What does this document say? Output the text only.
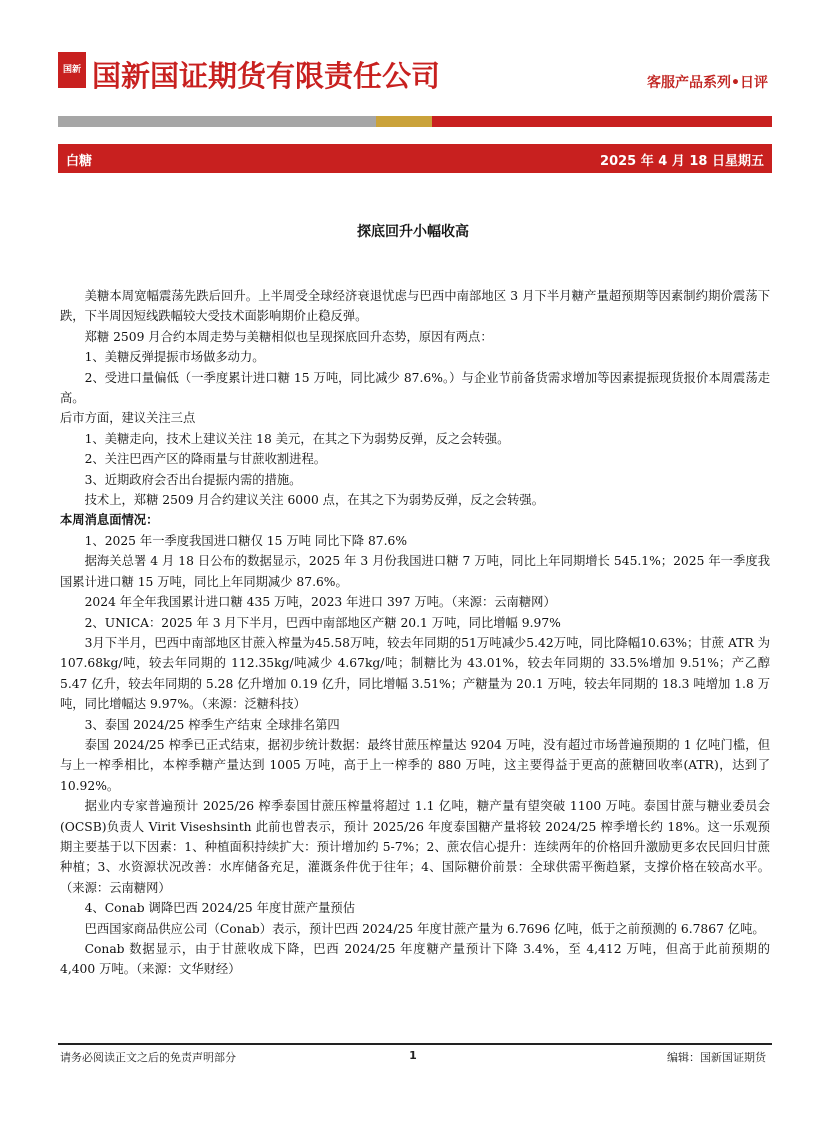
国新 国新国证期货有限责任公司	客服产品系列•日评
白糖	2025 年 4 月 18 日星期五
探底回升小幅收高

美糖本周宽幅震荡先跌后回升。上半周受全球经济衰退忧虑与巴西中南部地区 3 月下半月糖产量超预期等因素制约期价震荡下跌，下半周因短线跌幅较大受技术面影响期价止稳反弹。

郑糖 2509 月合约本周走势与美糖相似也呈现探底回升态势，原因有两点：

1、美糖反弹提振市场做多动力。

2、受进口量偏低（一季度累计进口糖 15 万吨，同比减少 87.6%。）与企业节前备货需求增加等因素提振现货报价本周震荡走高。

后市方面，建议关注三点

1、美糖走向，技术上建议关注 18 美元，在其之下为弱势反弹，反之会转强。

2、关注巴西产区的降雨量与甘蔗收割进程。

3、近期政府会否出台提振内需的措施。

技术上，郑糖 2509 月合约建议关注 6000 点，在其之下为弱势反弹，反之会转强。

本周消息面情况：

1、2025 年一季度我国进口糖仅 15 万吨 同比下降 87.6%

据海关总署 4 月 18 日公布的数据显示，2025 年 3 月份我国进口糖 7 万吨，同比上年同期增长 545.1%；2025 年一季度我国累计进口糖 15 万吨，同比上年同期减少 87.6%。

2024 年全年我国累计进口糖 435 万吨，2023 年进口 397 万吨。（来源：云南糖网）

2、UNICA：2025 年 3 月下半月，巴西中南部地区产糖 20.1 万吨，同比增幅 9.97%

3月下半月，巴西中南部地区甘蔗入榨量为45.58万吨，较去年同期的51万吨减少5.42万吨，同比降幅10.63%；甘蔗 ATR 为 107.68kg/吨，较去年同期的 112.35kg/吨减少 4.67kg/吨；制糖比为 43.01%，较去年同期的 33.5%增加 9.51%；产乙醇 5.47 亿升，较去年同期的 5.28 亿升增加 0.19 亿升，同比增幅 3.51%；产糖量为 20.1 万吨，较去年同期的 18.3 吨增加 1.8 万吨，同比增幅达 9.97%。（来源：泛糖科技）

3、泰国 2024/25 榨季生产结束 全球排名第四

泰国 2024/25 榨季已正式结束，据初步统计数据：最终甘蔗压榨量达 9204 万吨，没有超过市场普遍预期的 1 亿吨门槛，但与上一榨季相比，本榨季糖产量达到 1005 万吨，高于上一榨季的 880 万吨，这主要得益于更高的蔗糖回收率(ATR)，达到了 10.92%。

据业内专家普遍预计 2025/26 榨季泰国甘蔗压榨量将超过 1.1 亿吨，糖产量有望突破 1100 万吨。泰国甘蔗与糖业委员会(OCSB)负责人 Virit Viseshsinth 此前也曾表示，预计 2025/26 年度泰国糖产量将较 2024/25 榨季增长约 18%。这一乐观预期主要基于以下因素：1、种植面积持续扩大：预计增加约 5-7%；2、蔗农信心提升：连续两年的价格回升激励更多农民回归甘蔗种植；3、水资源状况改善：水库储备充足，灌溉条件优于往年；4、国际糖价前景：全球供需平衡趋紧，支撑价格在较高水平。（来源：云南糖网）

4、Conab 调降巴西 2024/25 年度甘蔗产量预估

巴西国家商品供应公司（Conab）表示，预计巴西 2024/25 年度甘蔗产量为 6.7696 亿吨，低于之前预测的 6.7867 亿吨。

Conab 数据显示，由于甘蔗收成下降，巴西 2024/25 年度糖产量预计下降 3.4%，至 4,412 万吨，但高于此前预期的 4,400 万吨。（来源：文华财经）

请务必阅读正文之后的免责声明部分	1	编辑：国新国证期货
